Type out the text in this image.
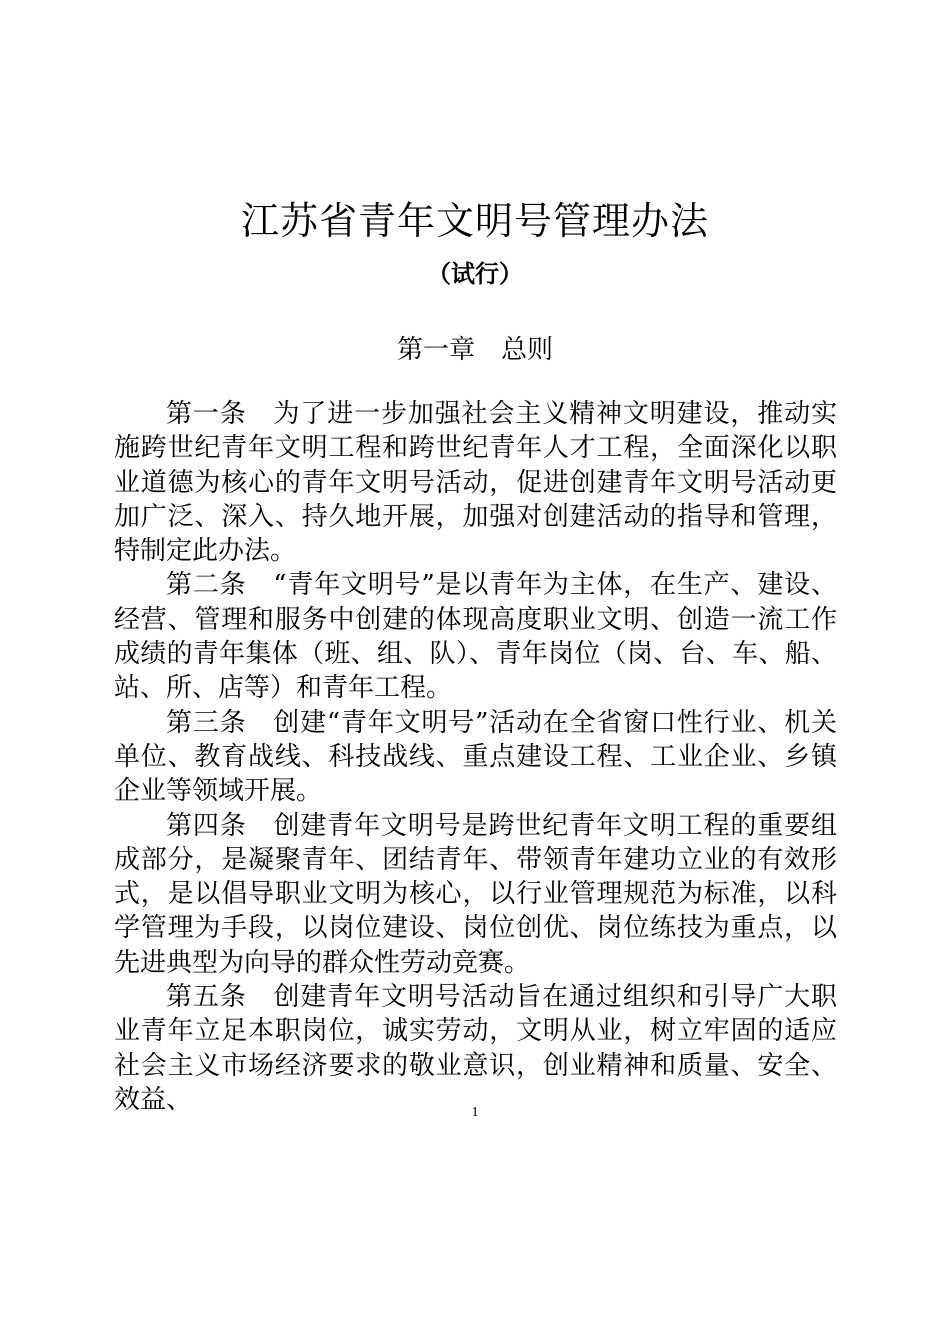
江苏省青年文明号管理办法
（试行）
第一章　总则

第一条　为了进一步加强社会主义精神文明建设，推动实施跨世纪青年文明工程和跨世纪青年人才工程，全面深化以职业道德为核心的青年文明号活动，促进创建青年文明号活动更加广泛、深入、持久地开展，加强对创建活动的指导和管理，特制定此办法。

第二条　“青年文明号”是以青年为主体，在生产、建设、经营、管理和服务中创建的体现高度职业文明、创造一流工作成绩的青年集体（班、组、队）、青年岗位（岗、台、车、船、站、所、店等）和青年工程。

第三条　创建“青年文明号”活动在全省窗口性行业、机关单位、教育战线、科技战线、重点建设工程、工业企业、乡镇企业等领域开展。

第四条　创建青年文明号是跨世纪青年文明工程的重要组成部分，是凝聚青年、团结青年、带领青年建功立业的有效形式，是以倡导职业文明为核心，以行业管理规范为标准，以科学管理为手段，以岗位建设、岗位创优、岗位练技为重点，以先进典型为向导的群众性劳动竞赛。

第五条　创建青年文明号活动旨在通过组织和引导广大职业青年立足本职岗位，诚实劳动，文明从业，树立牢固的适应社会主义市场经济要求的敬业意识，创业精神和质量、安全、效益、	1
